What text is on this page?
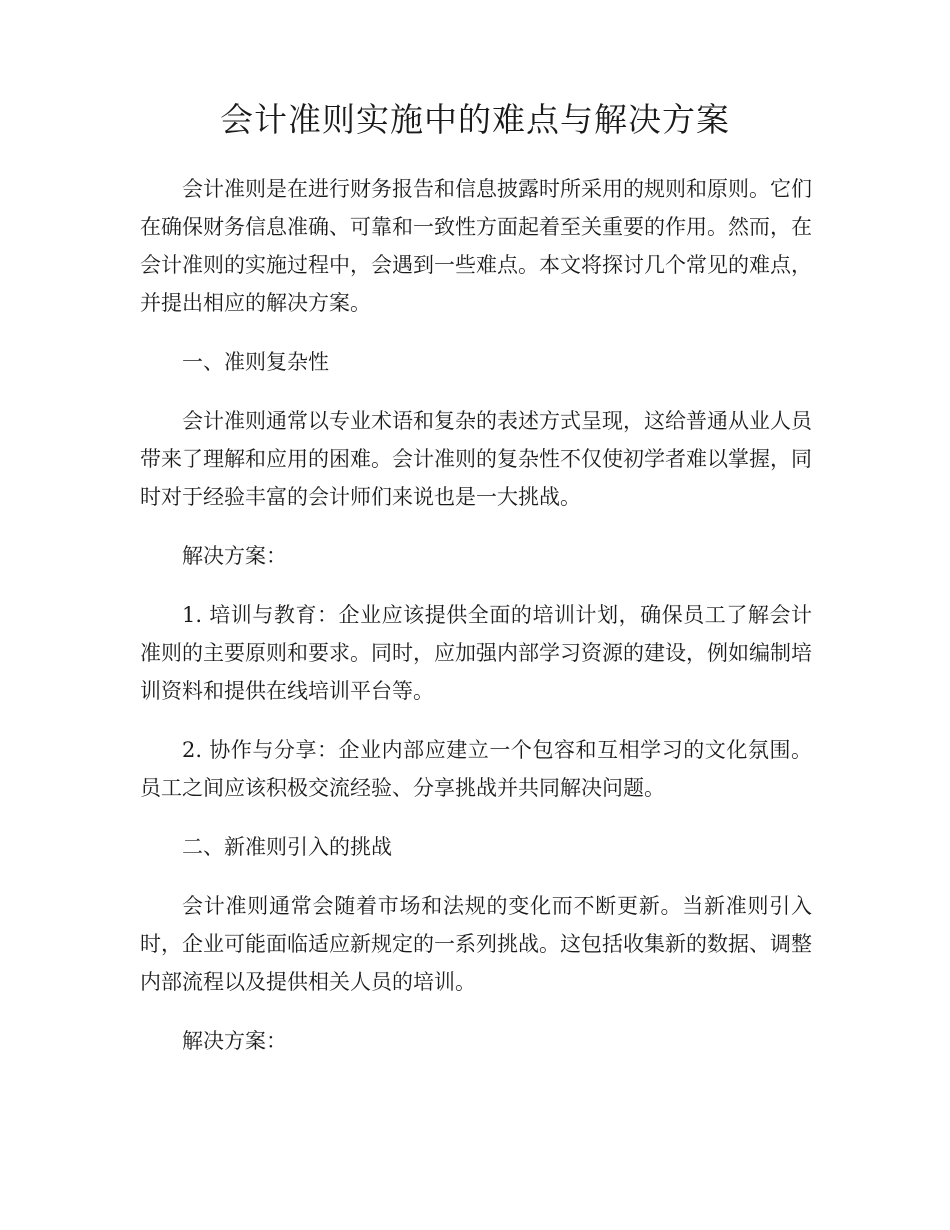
会计准则实施中的难点与解决方案

会计准则是在进行财务报告和信息披露时所采用的规则和原则。它们在确保财务信息准确、可靠和一致性方面起着至关重要的作用。然而，在会计准则的实施过程中，会遇到一些难点。本文将探讨几个常见的难点，并提出相应的解决方案。

一、准则复杂性

会计准则通常以专业术语和复杂的表述方式呈现，这给普通从业人员带来了理解和应用的困难。会计准则的复杂性不仅使初学者难以掌握，同时对于经验丰富的会计师们来说也是一大挑战。

解决方案：

1. 培训与教育：企业应该提供全面的培训计划，确保员工了解会计准则的主要原则和要求。同时，应加强内部学习资源的建设，例如编制培训资料和提供在线培训平台等。

2. 协作与分享：企业内部应建立一个包容和互相学习的文化氛围。员工之间应该积极交流经验、分享挑战并共同解决问题。

二、新准则引入的挑战

会计准则通常会随着市场和法规的变化而不断更新。当新准则引入时，企业可能面临适应新规定的一系列挑战。这包括收集新的数据、调整内部流程以及提供相关人员的培训。

解决方案：
